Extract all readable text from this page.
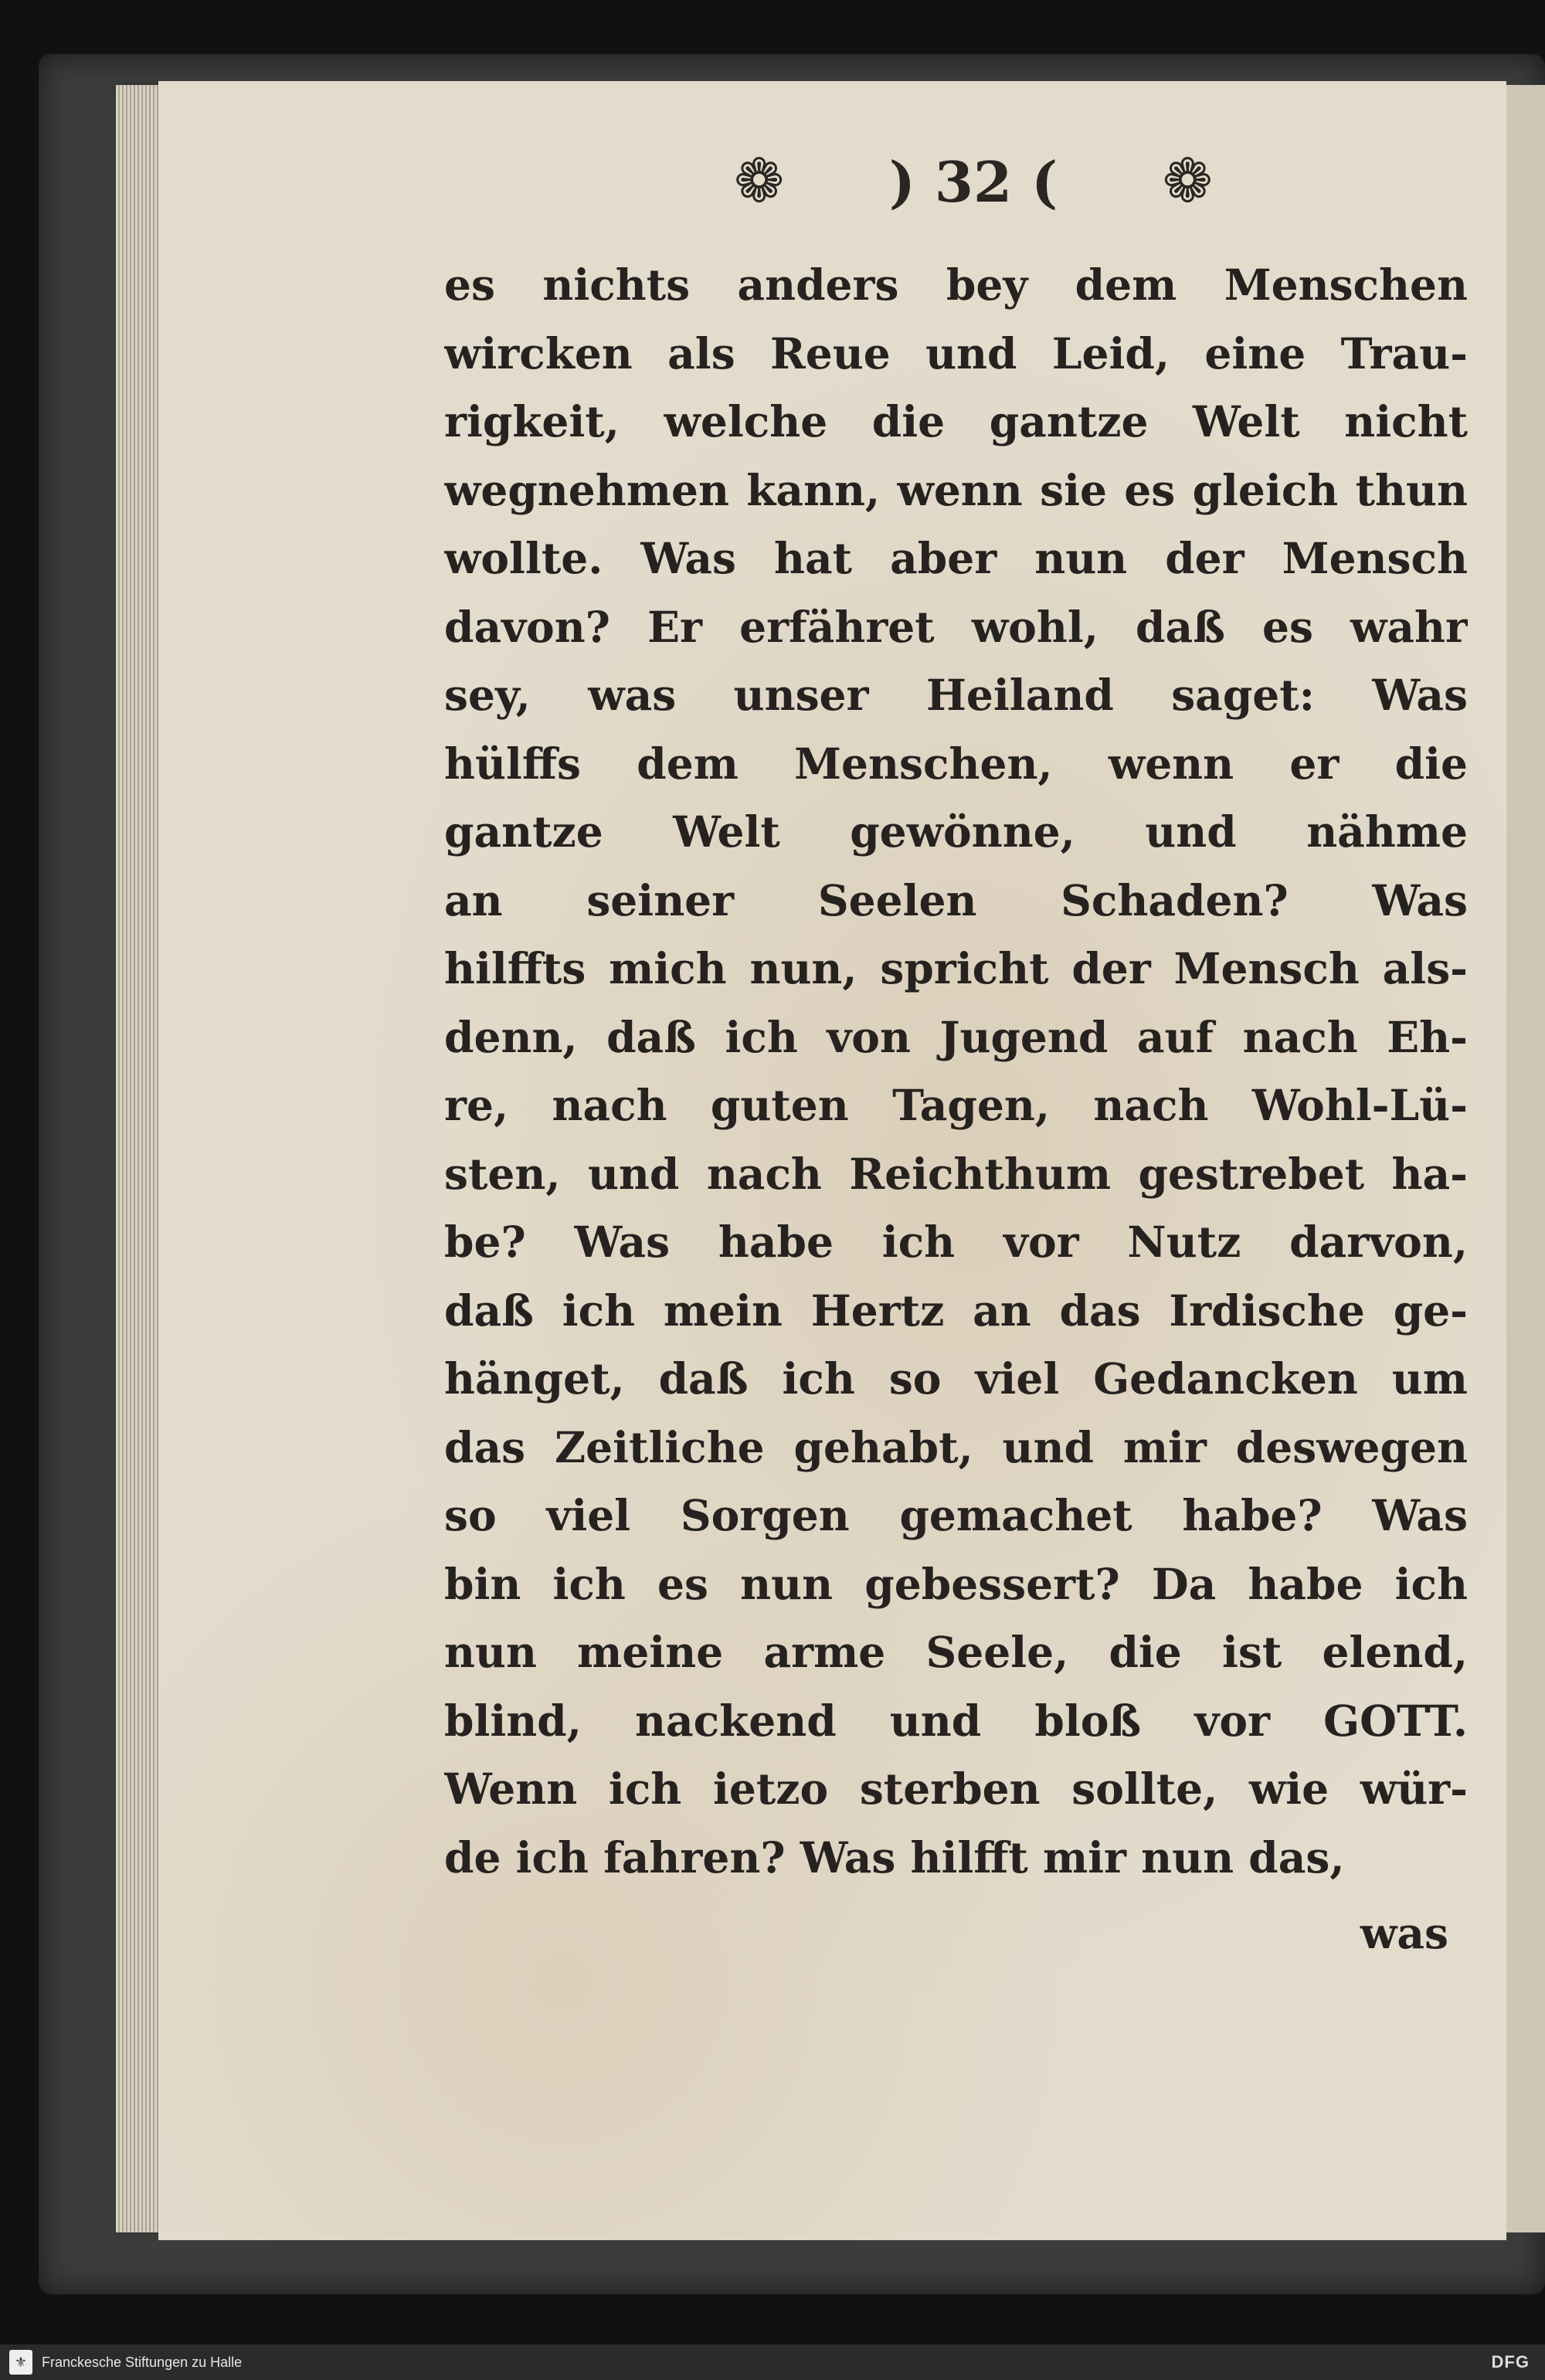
❁ ) 32 ( ❁
es nichts anders bey dem Menschen
wircken als Reue und Leid, eine Trau-
rigkeit, welche die gantze Welt nicht
wegnehmen kann, wenn sie es gleich thun
wollte. Was hat aber nun der Mensch
davon? Er erfähret wohl, daß es wahr
sey, was unser Heiland saget: Was
hülffs dem Menschen, wenn er die
gantze Welt gewönne, und nähme
an seiner Seelen Schaden? Was
hilffts mich nun, spricht der Mensch als-
denn, daß ich von Jugend auf nach Eh-
re, nach guten Tagen, nach Wohl-Lü-
sten, und nach Reichthum gestrebet ha-
be? Was habe ich vor Nutz darvon,
daß ich mein Hertz an das Irdische ge-
hänget, daß ich so viel Gedancken um
das Zeitliche gehabt, und mir deswegen
so viel Sorgen gemachet habe? Was
bin ich es nun gebessert? Da habe ich
nun meine arme Seele, die ist elend,
blind, nackend und bloß vor GOTT.
Wenn ich ietzo sterben sollte, wie wür-
de ich fahren? Was hilfft mir nun das,
was
⚜	Franckesche Stiftungen zu Halle	DFG
